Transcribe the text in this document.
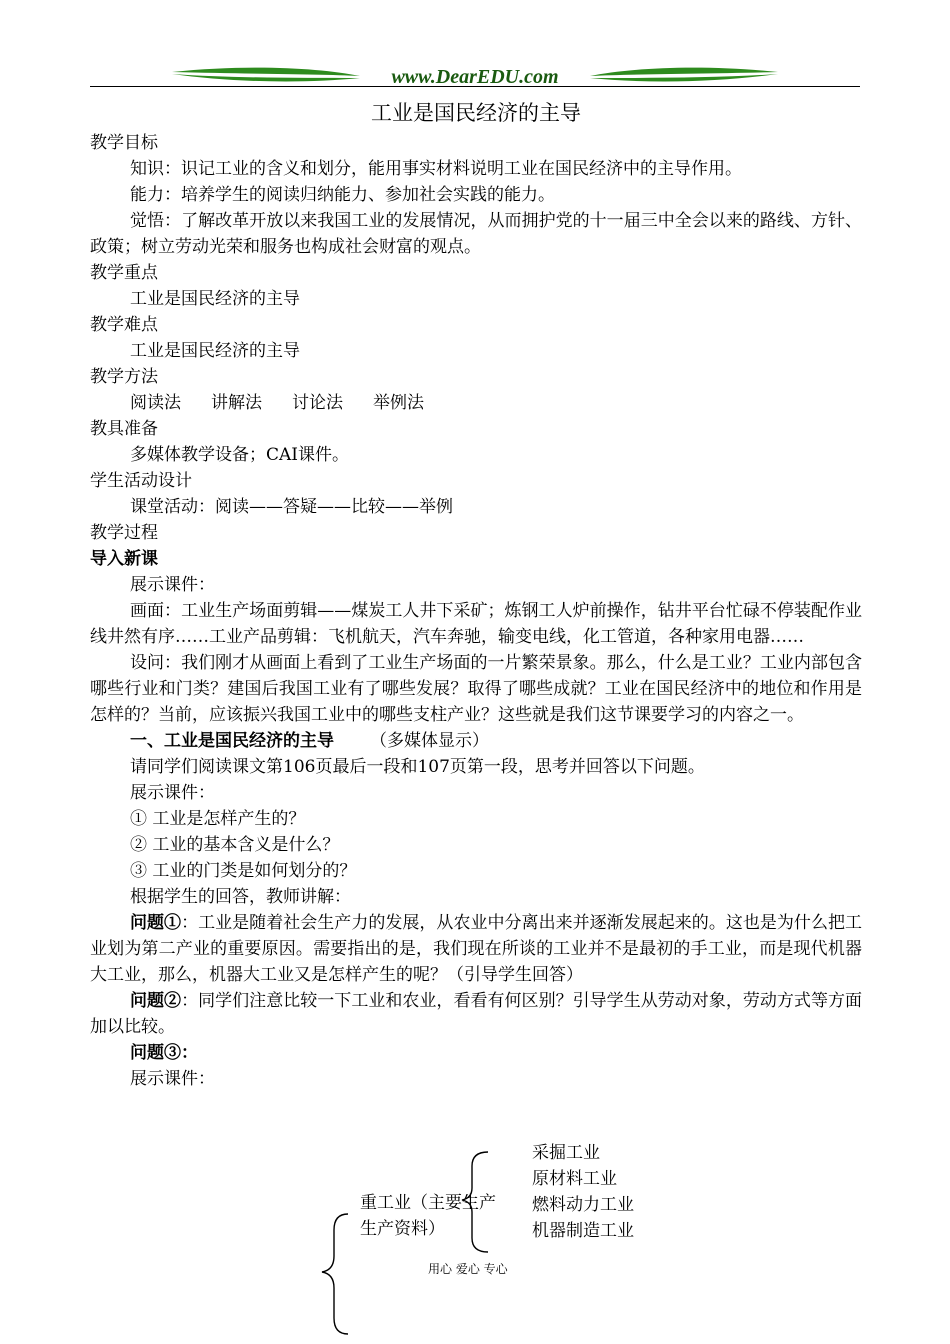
www.DearEDU.com
工业是国民经济的主导
教学目标
知识：识记工业的含义和划分，能用事实材料说明工业在国民经济中的主导作用。
能力：培养学生的阅读归纳能力、参加社会实践的能力。
觉悟：了解改革开放以来我国工业的发展情况，从而拥护党的十一届三中全会以来的路线、方针、政策；树立劳动光荣和服务也构成社会财富的观点。
教学重点
工业是国民经济的主导
教学难点
工业是国民经济的主导
教学方法
阅读法 讲解法 讨论法 举例法
教具准备
多媒体教学设备；CAI课件。
学生活动设计
课堂活动：阅读——答疑——比较——举例
教学过程
导入新课
展示课件：
画面：工业生产场面剪辑——煤炭工人井下采矿；炼钢工人炉前操作，钻井平台忙碌不停装配作业线井然有序……工业产品剪辑：飞机航天，汽车奔驰，输变电线，化工管道，各种家用电器……
设问：我们刚才从画面上看到了工业生产场面的一片繁荣景象。那么，什么是工业？工业内部包含哪些行业和门类？建国后我国工业有了哪些发展？取得了哪些成就？工业在国民经济中的地位和作用是怎样的？当前，应该振兴我国工业中的哪些支柱产业？这些就是我们这节课要学习的内容之一。
一、工业是国民经济的主导 （多媒体显示）
请同学们阅读课文第106页最后一段和107页第一段，思考并回答以下问题。
展示课件：
① 工业是怎样产生的？
② 工业的基本含义是什么？
③ 工业的门类是如何划分的？
根据学生的回答，教师讲解：
问题①：工业是随着社会生产力的发展，从农业中分离出来并逐渐发展起来的。这也是为什么把工业划为第二产业的重要原因。需要指出的是，我们现在所谈的工业并不是最初的手工业，而是现代机器大工业，那么，机器大工业又是怎样产生的呢？（引导学生回答）
问题②：同学们注意比较一下工业和农业，看看有何区别？引导学生从劳动对象，劳动方式等方面加以比较。
问题③：
展示课件：
重工业（主要生产
生产资料）
采掘工业
原材料工业
燃料动力工业
机器制造工业
用心 爱心 专心
